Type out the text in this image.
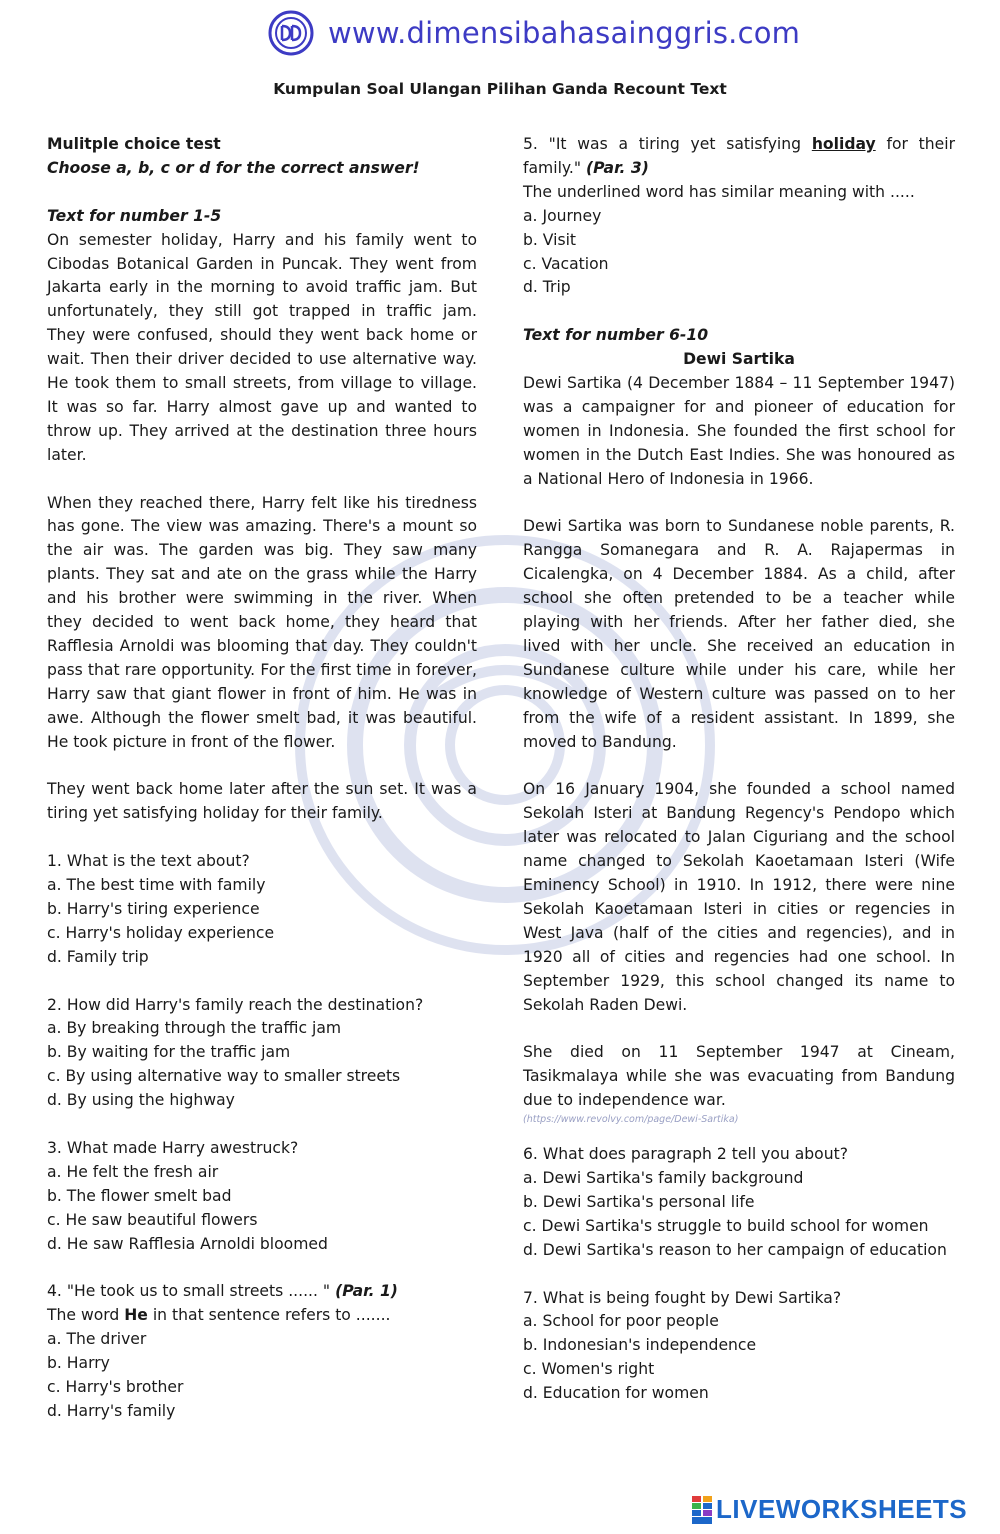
www.dimensibahasainggris.com
Kumpulan Soal Ulangan Pilihan Ganda Recount Text

Mulitple choice test

Choose a, b, c or d for the correct answer!

Text for number 1-5

On semester holiday, Harry and his family went to Cibodas Botanical Garden in Puncak. They went from Jakarta early in the morning to avoid traffic jam. But unfortunately, they still got trapped in traffic jam. They were confused, should they went back home or wait. Then their driver decided to use alternative way. He took them to small streets, from village to village. It was so far. Harry almost gave up and wanted to throw up. They arrived at the destination three hours later.

When they reached there, Harry felt like his tiredness has gone. The view was amazing. There's a mount so the air was. The garden was big. They saw many plants. They sat and ate on the grass while the Harry and his brother were swimming in the river. When they decided to went back home, they heard that Rafflesia Arnoldi was blooming that day. They couldn't pass that rare opportunity. For the first time in forever, Harry saw that giant flower in front of him. He was in awe. Although the flower smelt bad, it was beautiful. He took picture in front of the flower.

They went back home later after the sun set. It was a tiring yet satisfying holiday for their family.

1. What is the text about?

a. The best time with family

b. Harry's tiring experience

c. Harry's holiday experience

d. Family trip

2. How did Harry's family reach the destination?

a. By breaking through the traffic jam

b. By waiting for the traffic jam

c. By using alternative way to smaller streets

d. By using the highway

3. What made Harry awestruck?

a. He felt the fresh air

b. The flower smelt bad

c. He saw beautiful flowers

d. He saw Rafflesia Arnoldi bloomed

4. "He took us to small streets ...... " (Par. 1)

The word He in that sentence refers to .......

a. The driver

b. Harry

c. Harry's brother

d. Harry's family

5. "It was a tiring yet satisfying holiday for their family." (Par. 3)

The underlined word has similar meaning with .....

a. Journey

b. Visit

c. Vacation

d. Trip

Text for number 6-10

Dewi Sartika

Dewi Sartika (4 December 1884 – 11 September 1947) was a campaigner for and pioneer of education for women in Indonesia. She founded the first school for women in the Dutch East Indies. She was honoured as a National Hero of Indonesia in 1966.

Dewi Sartika was born to Sundanese noble parents, R. Rangga Somanegara and R. A. Rajapermas in Cicalengka, on 4 December 1884. As a child, after school she often pretended to be a teacher while playing with her friends. After her father died, she lived with her uncle. She received an education in Sundanese culture while under his care, while her knowledge of Western culture was passed on to her from the wife of a resident assistant. In 1899, she moved to Bandung.

On 16 January 1904, she founded a school named Sekolah Isteri at Bandung Regency's Pendopo which later was relocated to Jalan Ciguriang and the school name changed to Sekolah Kaoetamaan Isteri (Wife Eminency School) in 1910. In 1912, there were nine Sekolah Kaoetamaan Isteri in cities or regencies in West Java (half of the cities and regencies), and in 1920 all of cities and regencies had one school. In September 1929, this school changed its name to Sekolah Raden Dewi.

She died on 11 September 1947 at Cineam, Tasikmalaya while she was evacuating from Bandung due to independence war.

(https://www.revolvy.com/page/Dewi-Sartika)

6. What does paragraph 2 tell you about?

a. Dewi Sartika's family background

b. Dewi Sartika's personal life

c. Dewi Sartika's struggle to build school for women

d. Dewi Sartika's reason to her campaign of education

7. What is being fought by Dewi Sartika?

a. School for poor people

b. Indonesian's independence

c. Women's right

d. Education for women

LIVEWORKSHEETS
